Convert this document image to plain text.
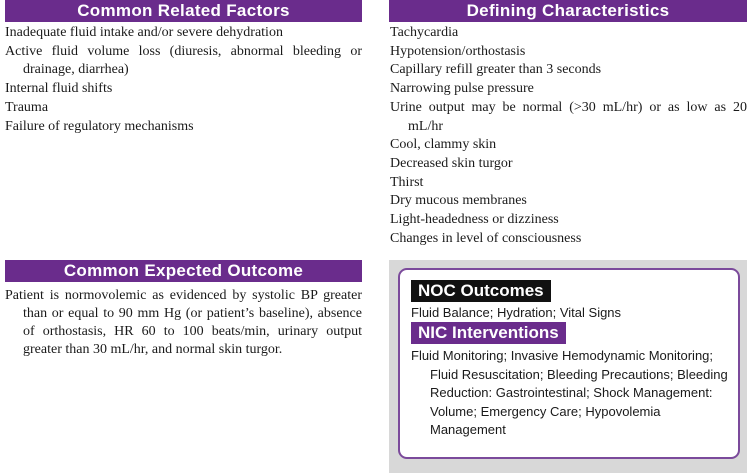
Common Related Factors

Inadequate fluid intake and/or severe dehydration

Active fluid volume loss (diuresis, abnormal bleeding or drainage, diarrhea)

Internal fluid shifts

Trauma

Failure of regulatory mechanisms

Defining Characteristics

Tachycardia

Hypotension/orthostasis

Capillary refill greater than 3 seconds

Narrowing pulse pressure

Urine output may be normal (>30 mL/hr) or as low as 20 mL/hr

Cool, clammy skin

Decreased skin turgor

Thirst

Dry mucous membranes

Light-headedness or dizziness

Changes in level of consciousness

Common Expected Outcome
Patient is normovolemic as evidenced by systolic BP greater than or equal to 90 mm Hg (or patient’s baseline), absence of orthostasis, HR 60 to 100 beats/min, urinary output greater than 30 mL/hr, and normal skin turgor.
NOC Outcomes
Fluid Balance; Hydration; Vital Signs
NIC Interventions
Fluid Monitoring; Invasive Hemodynamic Monitoring; Fluid Resuscitation; Bleeding Precautions; Bleeding Reduction: Gastrointestinal; Shock Management: Volume; Emergency Care; Hypovolemia Management
